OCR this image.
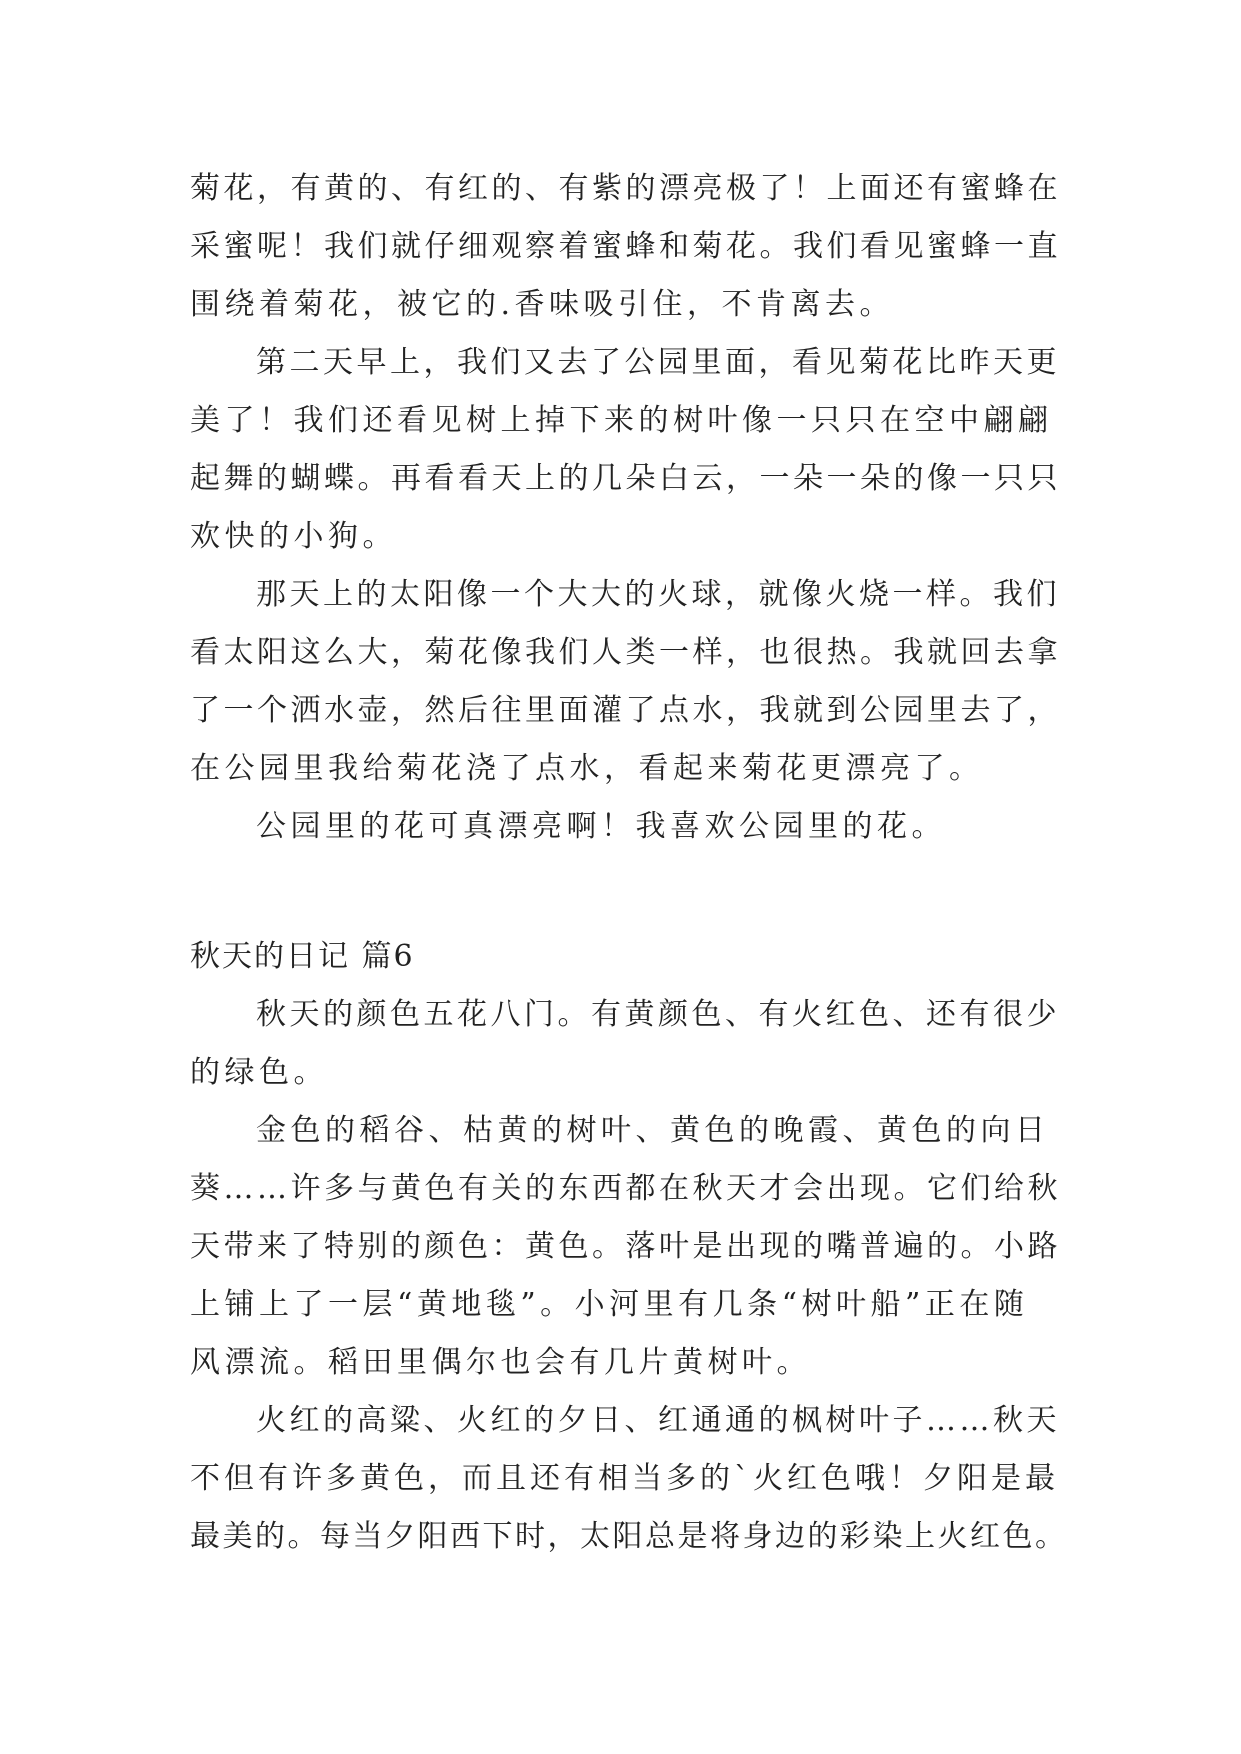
菊花，有黄的、有红的、有紫的漂亮极了！上面还有蜜蜂在
采蜜呢！我们就仔细观察着蜜蜂和菊花。我们看见蜜蜂一直
围绕着菊花，被它的.香味吸引住，不肯离去。
第二天早上，我们又去了公园里面，看见菊花比昨天更
美了！我们还看见树上掉下来的树叶像一只只在空中翩翩
起舞的蝴蝶。再看看天上的几朵白云，一朵一朵的像一只只
欢快的小狗。
那天上的太阳像一个大大的火球，就像火烧一样。我们
看太阳这么大，菊花像我们人类一样，也很热。我就回去拿
了一个洒水壶，然后往里面灌了点水，我就到公园里去了，
在公园里我给菊花浇了点水，看起来菊花更漂亮了。
公园里的花可真漂亮啊！我喜欢公园里的花。
秋天的日记 篇6
秋天的颜色五花八门。有黄颜色、有火红色、还有很少
的绿色。
金色的稻谷、枯黄的树叶、黄色的晚霞、黄色的向日
葵……许多与黄色有关的东西都在秋天才会出现。它们给秋
天带来了特别的颜色：黄色。落叶是出现的嘴普遍的。小路
上铺上了一层“黄地毯”。小河里有几条“树叶船”正在随
风漂流。稻田里偶尔也会有几片黄树叶。
火红的高粱、火红的夕日、红通通的枫树叶子……秋天
不但有许多黄色，而且还有相当多的`火红色哦！夕阳是最
最美的。每当夕阳西下时，太阳总是将身边的彩染上火红色。
